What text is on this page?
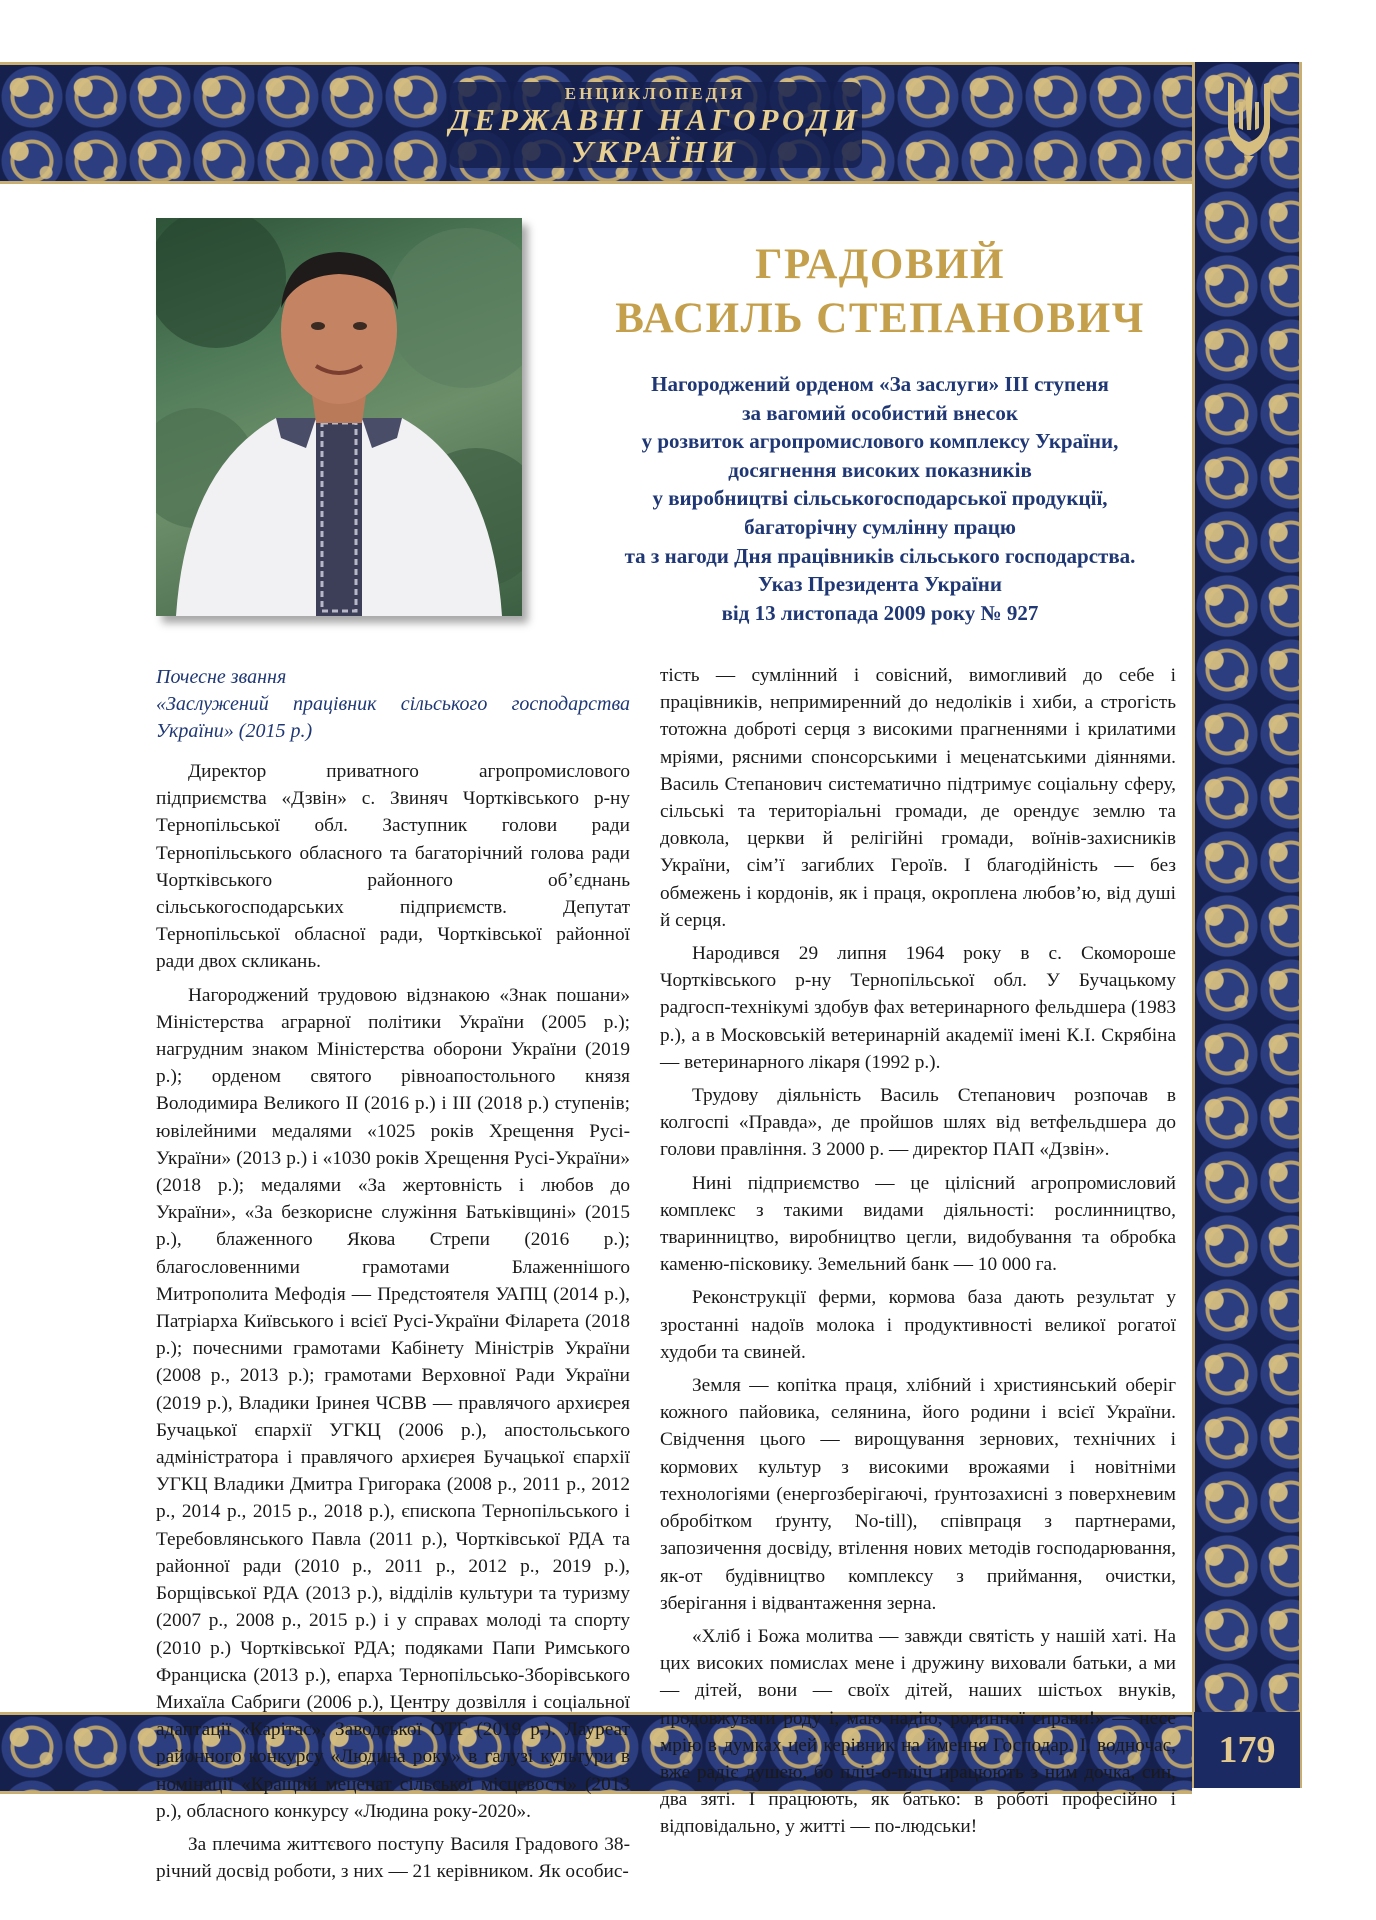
ЕНЦИКЛОПЕДІЯ
ДЕРЖАВНІ НАГОРОДИ
УКРАЇНИ
179
ГРАДОВИЙ
ВАСИЛЬ СТЕПАНОВИЧ
Нагороджений орденом «За заслуги» ІІІ ступеня
за вагомий особистий внесок
у розвиток агропромислового комплексу України,
досягнення високих показників
у виробництві сільськогосподарської продукції,
багаторічну сумлінну працю
та з нагоди Дня працівників сільського господарства.
Указ Президента України
від 13 листопада 2009 року № 927
Почесне звання
«Заслужений працівник сільського господарства
України» (2015 р.)

Директор приватного агропромислового підприємства «Дзвін» с. Звиняч Чортківського р-ну Тернопільської обл. Заступник голови ради Тернопільського обласного та багаторічний голова ради Чортківського районного об’єднань сільськогосподарських підприємств. Депутат Тернопільської обласної ради, Чортківської районної ради двох скликань.

Нагороджений трудовою відзнакою «Знак пошани» Міністерства аграрної політики України (2005 р.); нагрудним знаком Міністерства оборони України (2019 р.); орденом святого рівноапостольного князя Володимира Великого ІІ (2016 р.) і ІІІ (2018 р.) ступенів; ювілейними медалями «1025 років Хрещення Русі-України» (2013 р.) і «1030 років Хрещення Русі-України» (2018 р.); медалями «За жертовність і любов до України», «За безкорисне служіння Батьківщині» (2015 р.), блаженного Якова Стрепи (2016 р.); благословенними грамотами Блаженнішого Митрополита Мефодія — Предстоятеля УАПЦ (2014 р.), Патріарха Київського і всієї Русі-України Філарета (2018 р.); почесними грамотами Кабінету Міністрів України (2008 р., 2013 р.); грамотами Верховної Ради України (2019 р.), Владики Іринея ЧСВВ — правлячого архиєрея Бучацької єпархії УГКЦ (2006 р.), апостольського адміністратора і правлячого архиєрея Бучацької єпархії УГКЦ Владики Дмитра Григорака (2008 р., 2011 р., 2012 р., 2014 р., 2015 р., 2018 р.), єпископа Тернопільського і Теребовлянського Павла (2011 р.), Чортківської РДА та районної ради (2010 р., 2011 р., 2012 р., 2019 р.), Борщівської РДА (2013 р.), відділів культури та туризму (2007 р., 2008 р., 2015 р.) і у справах молоді та спорту (2010 р.) Чортківської РДА; подяками Папи Римського Франциска (2013 р.), епарха Тернопільсько-Зборівського Михаїла Сабриги (2006 р.), Центру дозвілля і соціальної адаптації «Карітас», Заводської ОТГ (2019 р.). Лауреат районного конкурсу «Людина року» в галузі культури в номінації «Кращий меценат сільської місцевості» (2013 р.), обласного конкурсу «Людина року-2020».

За плечима життєвого поступу Василя Градового 38-річний досвід роботи, з них — 21 керівником. Як особис-

тість — сумлінний і совісний, вимогливий до себе і працівників, непримиренний до недоліків і хиби, а строгість тотожна доброті серця з високими прагненнями і крилатими мріями, рясними спонсорськими і меценатськими діяннями. Василь Степанович систематично підтримує соціальну сферу, сільські та територіальні громади, де орендує землю та довкола, церкви й релігійні громади, воїнів-захисників України, сім’ї загиблих Героїв. І благодійність — без обмежень і кордонів, як і праця, окроплена любов’ю, від душі й серця.

Народився 29 липня 1964 року в с. Скомороше Чортківського р-ну Тернопільської обл. У Бучацькому радгосп-технікумі здобув фах ветеринарного фельдшера (1983 р.), а в Московській ветеринарній академії імені К.І. Скрябіна — ветеринарного лікаря (1992 р.).

Трудову діяльність Василь Степанович розпочав в колгоспі «Правда», де пройшов шлях від ветфельдшера до голови правління. З 2000 р. — директор ПАП «Дзвін».

Нині підприємство — це цілісний агропромисловий комплекс з такими видами діяльності: рослинництво, тваринництво, виробництво цегли, видобування та обробка каменю-пісковику. Земельний банк — 10 000 га.

Реконструкції ферми, кормова база дають результат у зростанні надоїв молока і продуктивності великої рогатої худоби та свиней.

Земля — копітка праця, хлібний і християнський оберіг кожного пайовика, селянина, його родини і всієї України. Свідчення цього — вирощування зернових, технічних і кормових культур з високими врожаями і новітніми технологіями (енергозберігаючі, ґрунтозахисні з поверхневим обробітком ґрунту, No-till), співпраця з партнерами, запозичення досвіду, втілення нових методів господарювання, як-от будівництво комплексу з приймання, очистки, зберігання і відвантаження зерна.

«Хліб і Божа молитва — завжди святість у нашій хаті. На цих високих помислах мене і дружину виховали батьки, а ми — дітей, вони — своїх дітей, наших шістьох внуків, продовжувати роду і, маю надію, родинної справи!» — несе мрію в думках цей керівник на ймення Господар. І, водночас, вже радіє душею, бо пліч-о-пліч працюють з ним дочка, син, два зяті. І працюють, як батько: в роботі професійно і відповідально, у житті — по-людськи!
